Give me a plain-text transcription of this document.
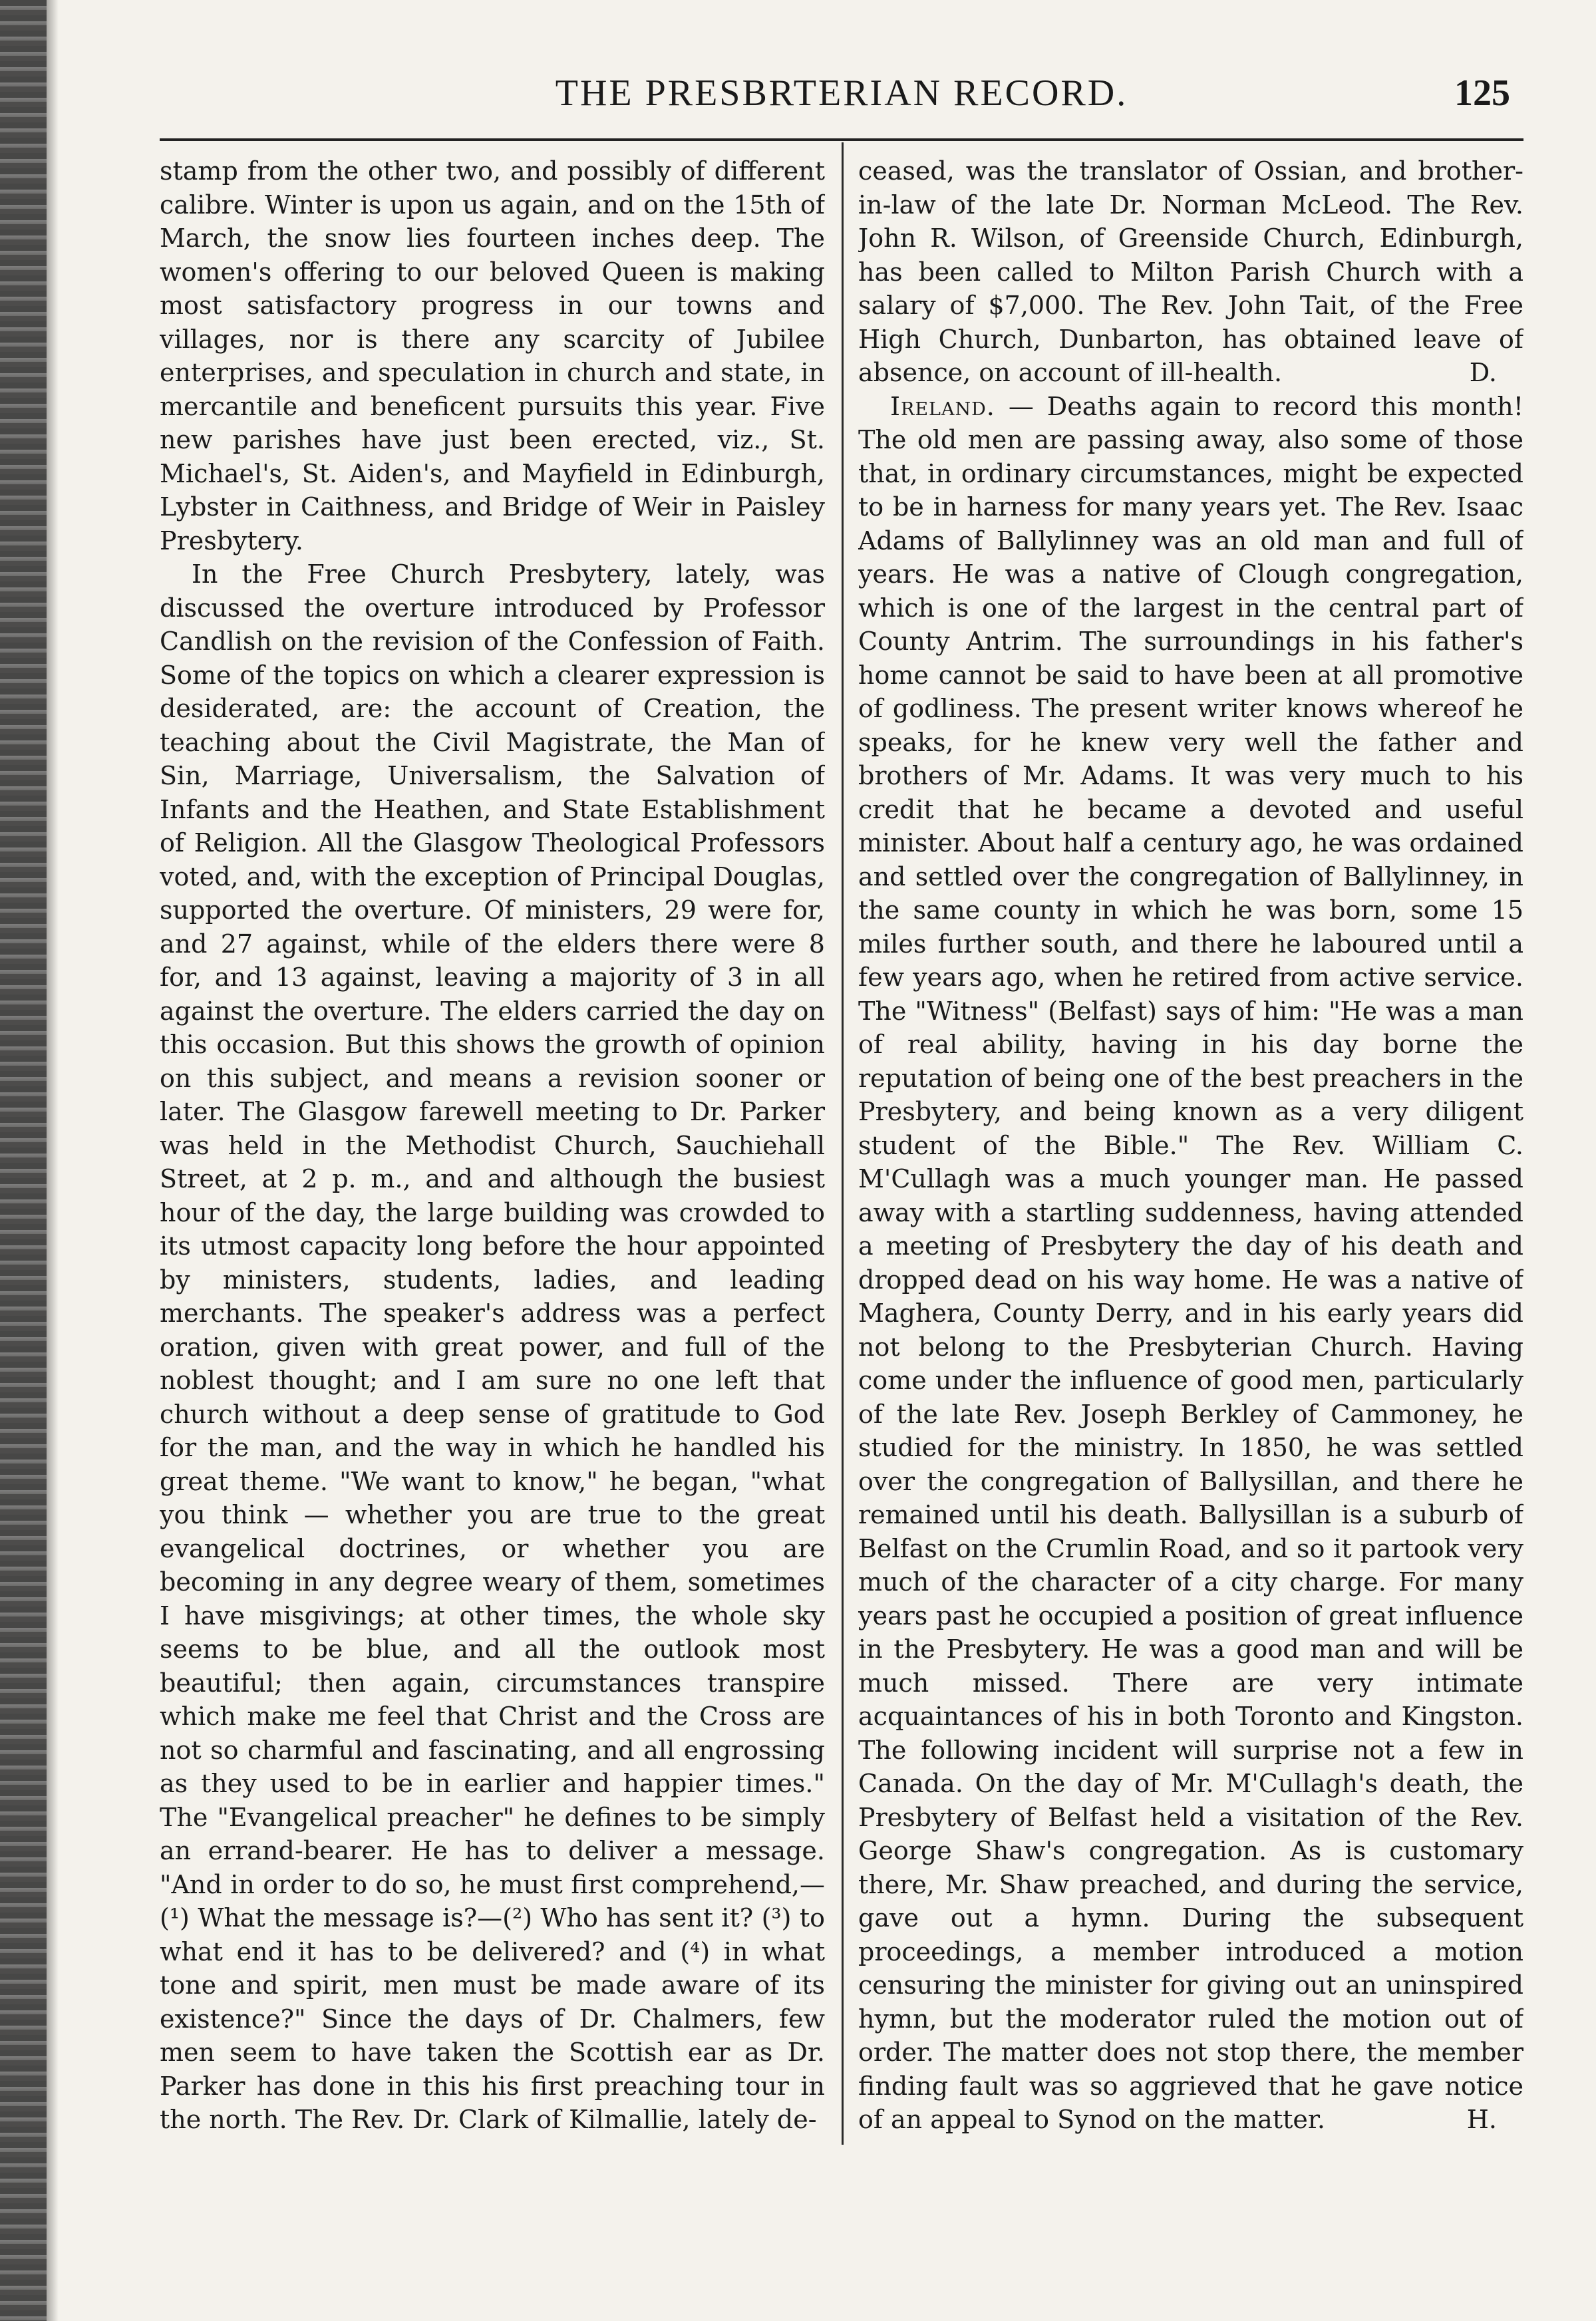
THE PRESBRTERIAN RECORD.	125

stamp from the other two, and possibly of different calibre. Winter is upon us again, and on the 15th of March, the snow lies fourteen inches deep. The women's offering to our beloved Queen is making most satisfactory progress in our towns and villages, nor is there any scarcity of Jubilee enterprises, and speculation in church and state, in mercantile and beneficent pursuits this year. Five new parishes have just been erected, viz., St. Michael's, St. Aiden's, and Mayfield in Edinburgh, Lybster in Caithness, and Bridge of Weir in Paisley Presbytery.

In the Free Church Presbytery, lately, was discussed the overture introduced by Professor Candlish on the revision of the Confession of Faith. Some of the topics on which a clearer expression is desiderated, are: the account of Creation, the teaching about the Civil Magistrate, the Man of Sin, Marriage, Universalism, the Salvation of Infants and the Heathen, and State Establishment of Religion. All the Glasgow Theological Professors voted, and, with the exception of Principal Douglas, supported the overture. Of ministers, 29 were for, and 27 against, while of the elders there were 8 for, and 13 against, leaving a majority of 3 in all against the overture. The elders carried the day on this occasion. But this shows the growth of opinion on this subject, and means a revision sooner or later. The Glasgow farewell meeting to Dr. Parker was held in the Methodist Church, Sauchiehall Street, at 2 p. m., and and although the busiest hour of the day, the large building was crowded to its utmost capacity long before the hour appointed by ministers, students, ladies, and leading merchants. The speaker's address was a perfect oration, given with great power, and full of the noblest thought; and I am sure no one left that church without a deep sense of gratitude to God for the man, and the way in which he handled his great theme. "We want to know," he began, "what you think — whether you are true to the great evangelical doctrines, or whether you are becoming in any degree weary of them, sometimes I have misgivings; at other times, the whole sky seems to be blue, and all the outlook most beautiful; then again, circumstances transpire which make me feel that Christ and the Cross are not so charmful and fascinating, and all engrossing as they used to be in earlier and happier times." The "Evangelical preacher" he defines to be simply an errand-bearer. He has to deliver a message. "And in order to do so, he must first comprehend,—(¹) What the message is?—(²) Who has sent it? (³) to what end it has to be delivered? and (⁴) in what tone and spirit, men must be made aware of its existence?" Since the days of Dr. Chalmers, few men seem to have taken the Scottish ear as Dr. Parker has done in this his first preaching tour in the north. The Rev. Dr. Clark of Kilmallie, lately de-

ceased, was the translator of Ossian, and brother-in-law of the late Dr. Norman McLeod. The Rev. John R. Wilson, of Greenside Church, Edinburgh, has been called to Milton Parish Church with a salary of $7,000. The Rev. John Tait, of the Free High Church, Dunbarton, has obtained leave of absence, on account of ill-health.	D.

Ireland. — Deaths again to record this month! The old men are passing away, also some of those that, in ordinary circumstances, might be expected to be in harness for many years yet. The Rev. Isaac Adams of Ballylinney was an old man and full of years. He was a native of Clough congregation, which is one of the largest in the central part of County Antrim. The surroundings in his father's home cannot be said to have been at all promotive of godliness. The present writer knows whereof he speaks, for he knew very well the father and brothers of Mr. Adams. It was very much to his credit that he became a devoted and useful minister. About half a century ago, he was ordained and settled over the congregation of Ballylinney, in the same county in which he was born, some 15 miles further south, and there he laboured until a few years ago, when he retired from active service. The "Witness" (Belfast) says of him: "He was a man of real ability, having in his day borne the reputation of being one of the best preachers in the Presbytery, and being known as a very diligent student of the Bible." The Rev. William C. M'Cullagh was a much younger man. He passed away with a startling suddenness, having attended a meeting of Presbytery the day of his death and dropped dead on his way home. He was a native of Maghera, County Derry, and in his early years did not belong to the Presbyterian Church. Having come under the influence of good men, particularly of the late Rev. Joseph Berkley of Cammoney, he studied for the ministry. In 1850, he was settled over the congregation of Ballysillan, and there he remained until his death. Ballysillan is a suburb of Belfast on the Crumlin Road, and so it partook very much of the character of a city charge. For many years past he occupied a position of great influence in the Presbytery. He was a good man and will be much missed. There are very intimate acquaintances of his in both Toronto and Kingston. The following incident will surprise not a few in Canada. On the day of Mr. M'Cullagh's death, the Presbytery of Belfast held a visitation of the Rev. George Shaw's congregation. As is customary there, Mr. Shaw preached, and during the service, gave out a hymn. During the subsequent proceedings, a member introduced a motion censuring the minister for giving out an uninspired hymn, but the moderator ruled the motion out of order. The matter does not stop there, the member finding fault was so aggrieved that he gave notice of an appeal to Synod on the matter.	H.
